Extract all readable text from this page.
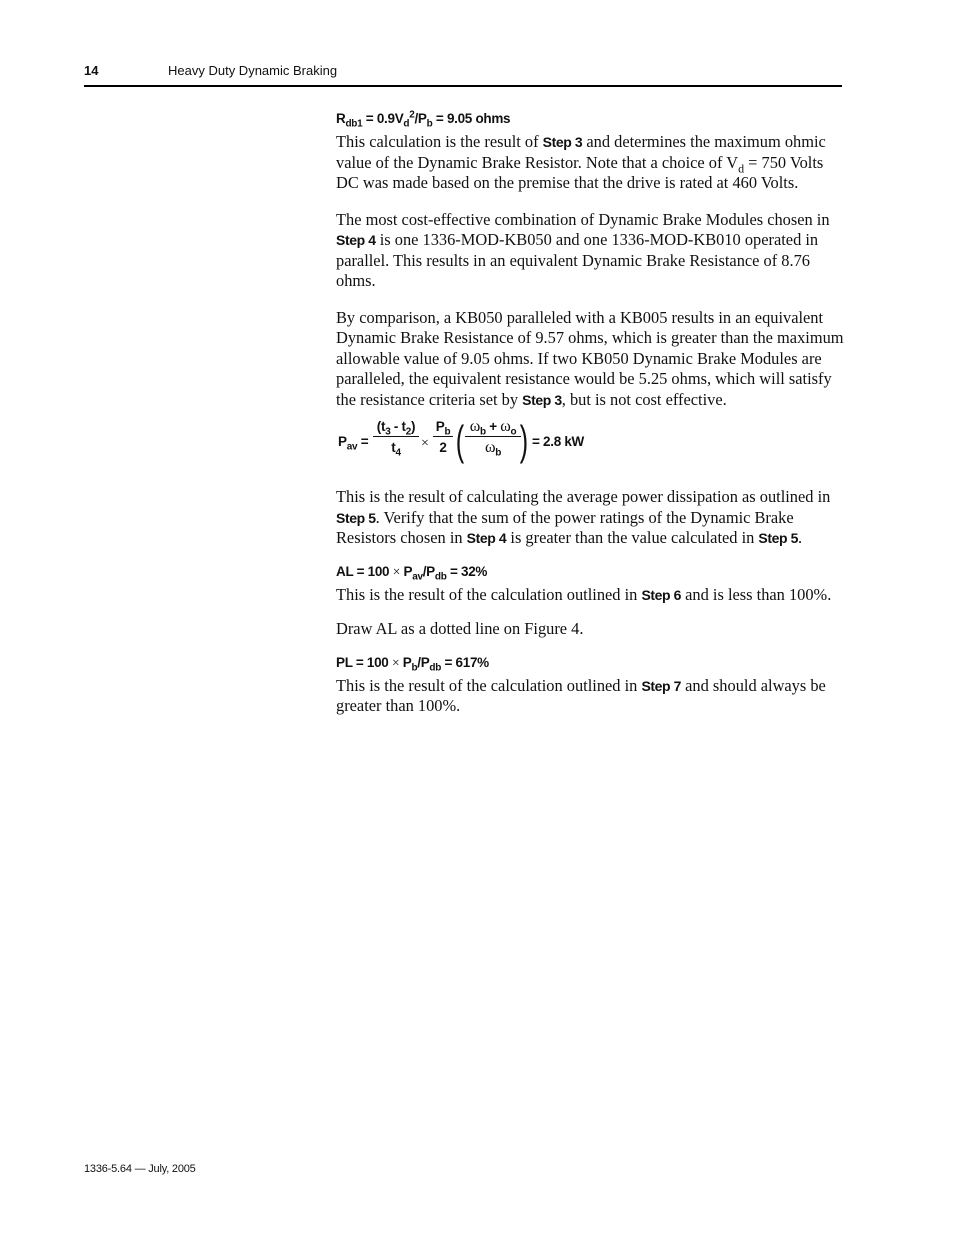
14	Heavy Duty Dynamic Braking
$R_{db1} = 0.9V_d^2/P_b = 9.05$ ohms

This calculation is the result of Step 3 and determines the maximum ohmic value of the Dynamic Brake Resistor. Note that a choice of $V_d = 750$ Volts DC was made based on the premise that the drive is rated at 460 Volts.

The most cost-effective combination of Dynamic Brake Modules chosen in Step 4 is one 1336-MOD-KB050 and one 1336-MOD-KB010 operated in parallel. This results in an equivalent Dynamic Brake Resistance of 8.76 ohms.

By comparison, a KB050 paralleled with a KB005 results in an equivalent Dynamic Brake Resistance of 9.57 ohms, which is greater than the maximum allowable value of 9.05 ohms. If two KB050 Dynamic Brake Modules are paralleled, the equivalent resistance would be 5.25 ohms, which will satisfy the resistance criteria set by Step 3, but is not cost effective.

$P_{av}$ =
$(t_3 - t_2)$
$t_4$
×
$P_b$
2 ( $\omega_b + \omega_o$
$\omega_b$ ) = 2.8 kW

This is the result of calculating the average power dissipation as outlined in Step 5. Verify that the sum of the power ratings of the Dynamic Brake Resistors chosen in Step 4 is greater than the value calculated in Step 5.

AL = $100 \times P_{av}/P_{db} = 32\%$

This is the result of the calculation outlined in Step 6 and is less than 100%.

Draw AL as a dotted line on Figure 4.

PL = $100 \times P_b/P_{db} = 617\%$

This is the result of the calculation outlined in Step 7 and should always be greater than 100%.

1336-5.64 — July, 2005
